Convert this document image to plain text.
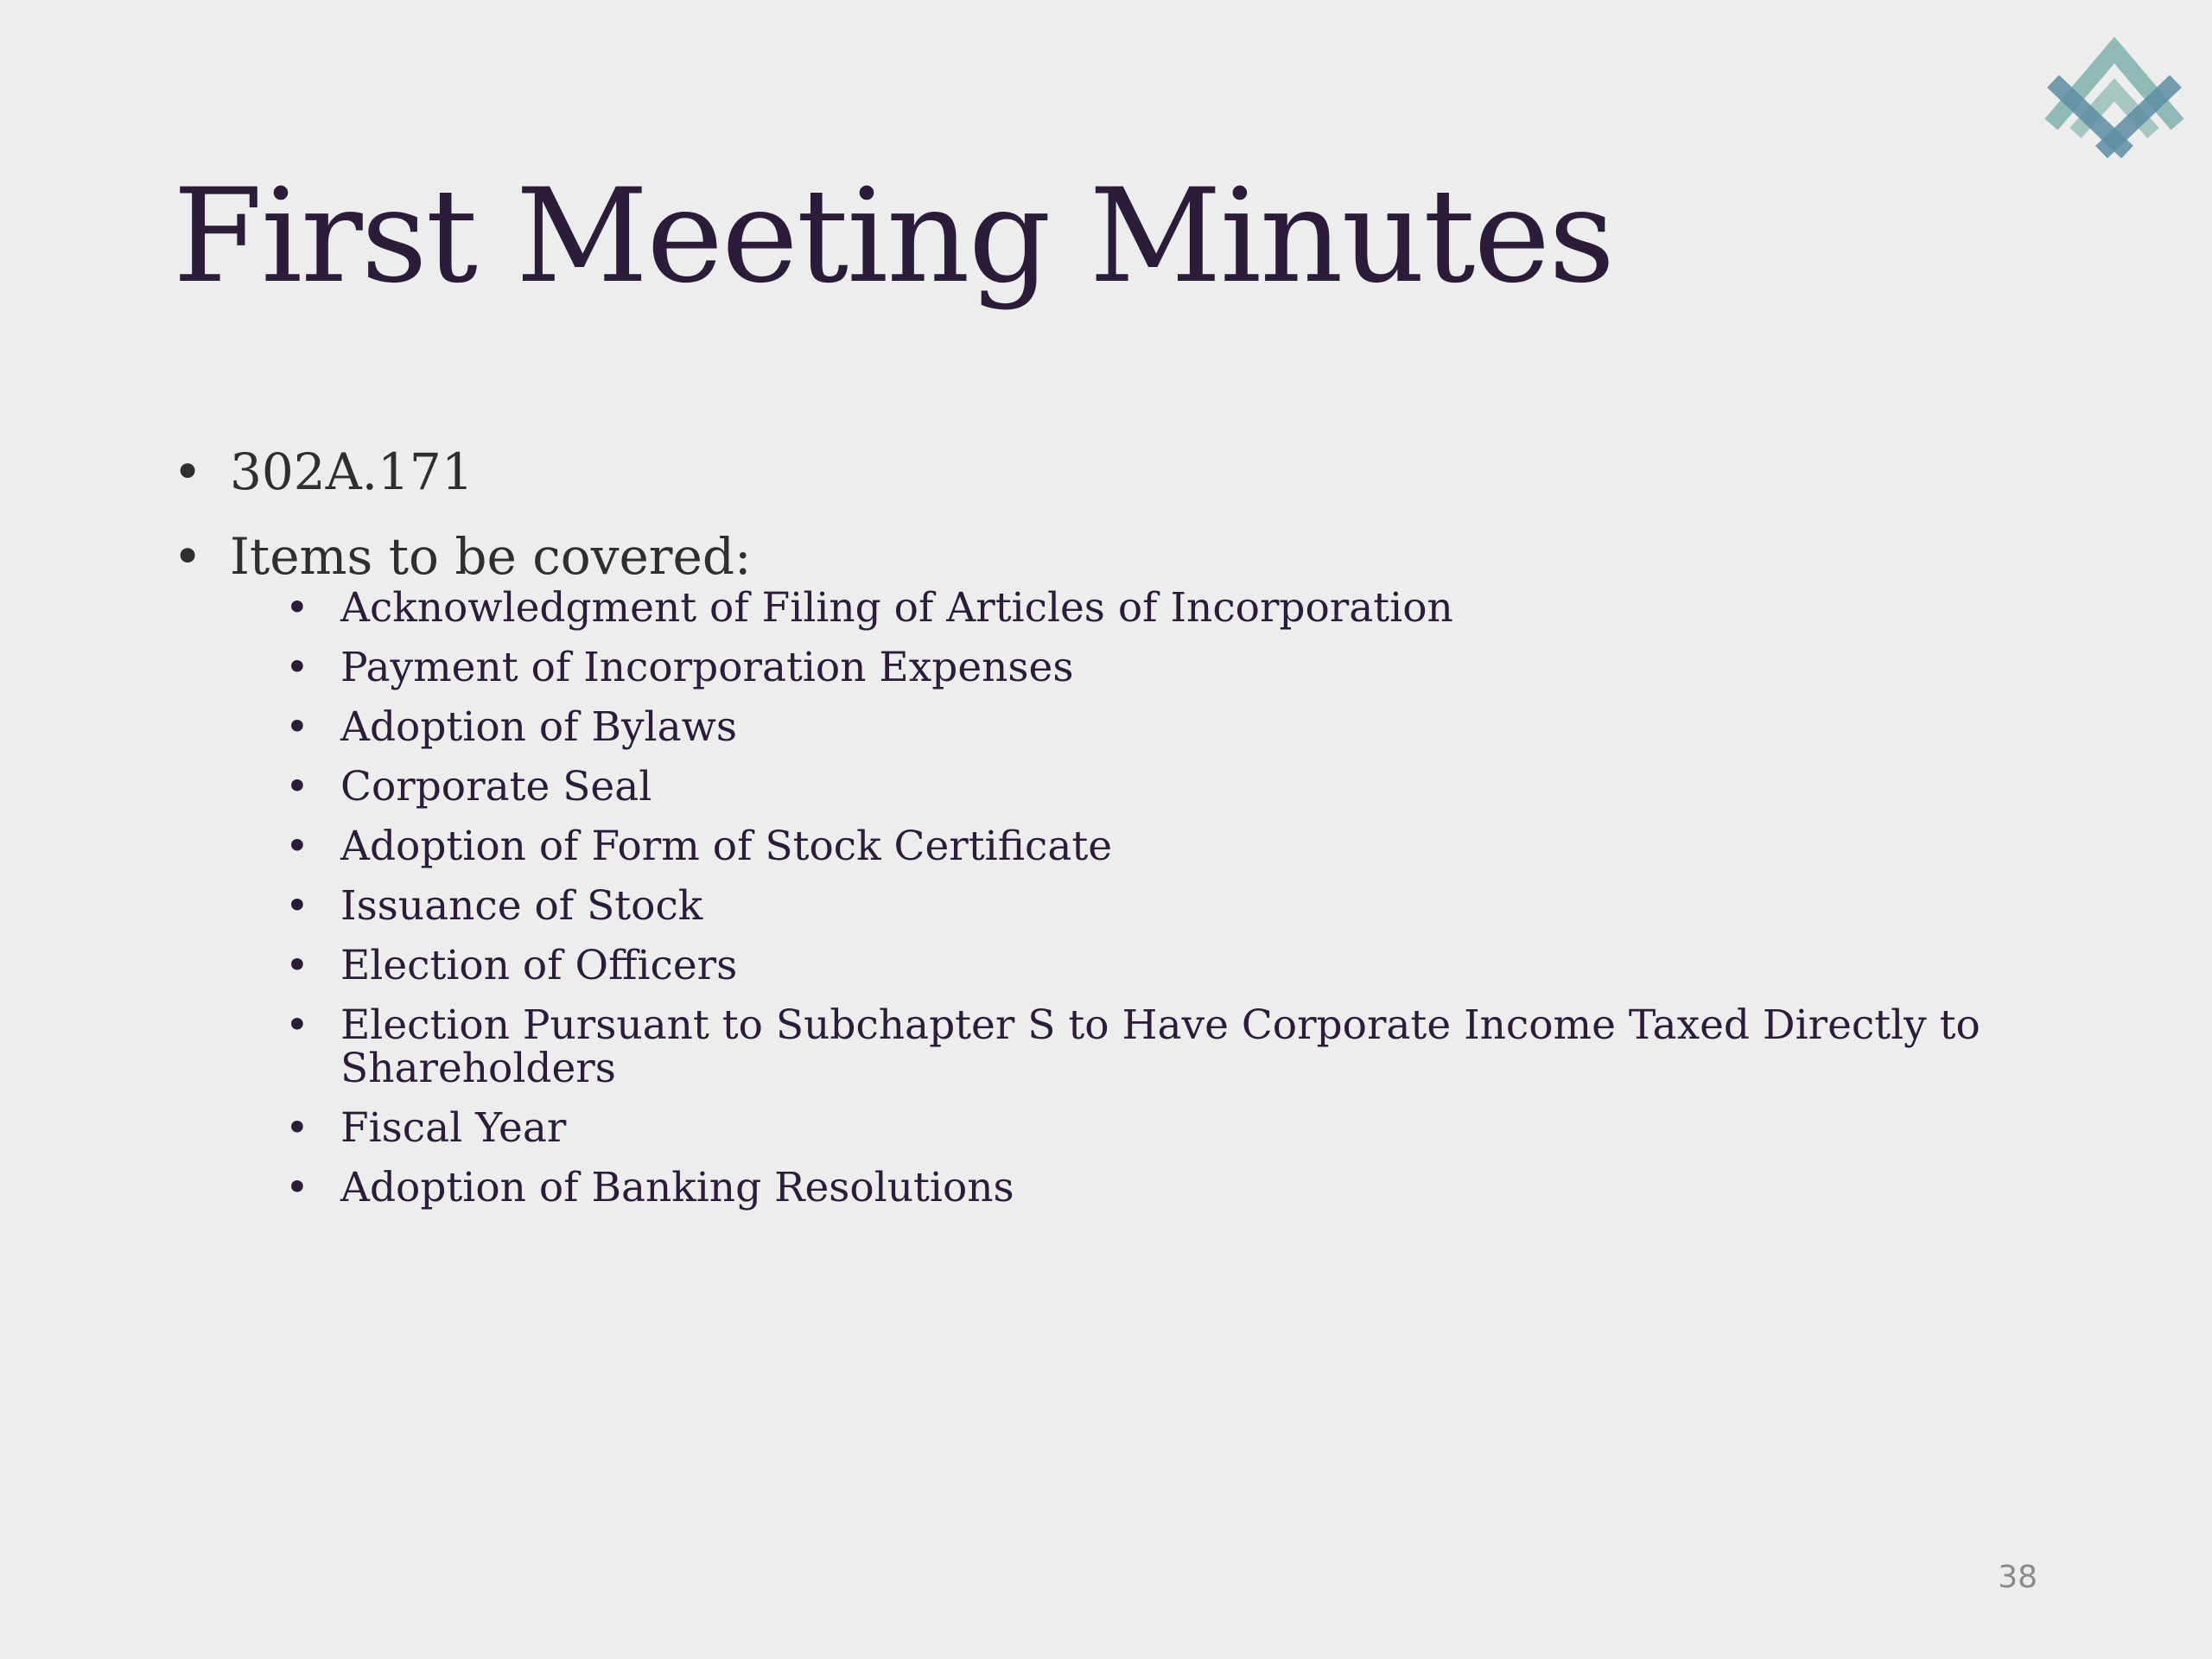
First Meeting Minutes
• 302A.171
• Items to be covered:
• Acknowledgment of Filing of Articles of Incorporation
• Payment of Incorporation Expenses
• Adoption of Bylaws
• Corporate Seal
• Adoption of Form of Stock Certificate
• Issuance of Stock
• Election of Officers
• Election Pursuant to Subchapter S to Have Corporate Income Taxed Directly to Shareholders
• Fiscal Year
• Adoption of Banking Resolutions
38
